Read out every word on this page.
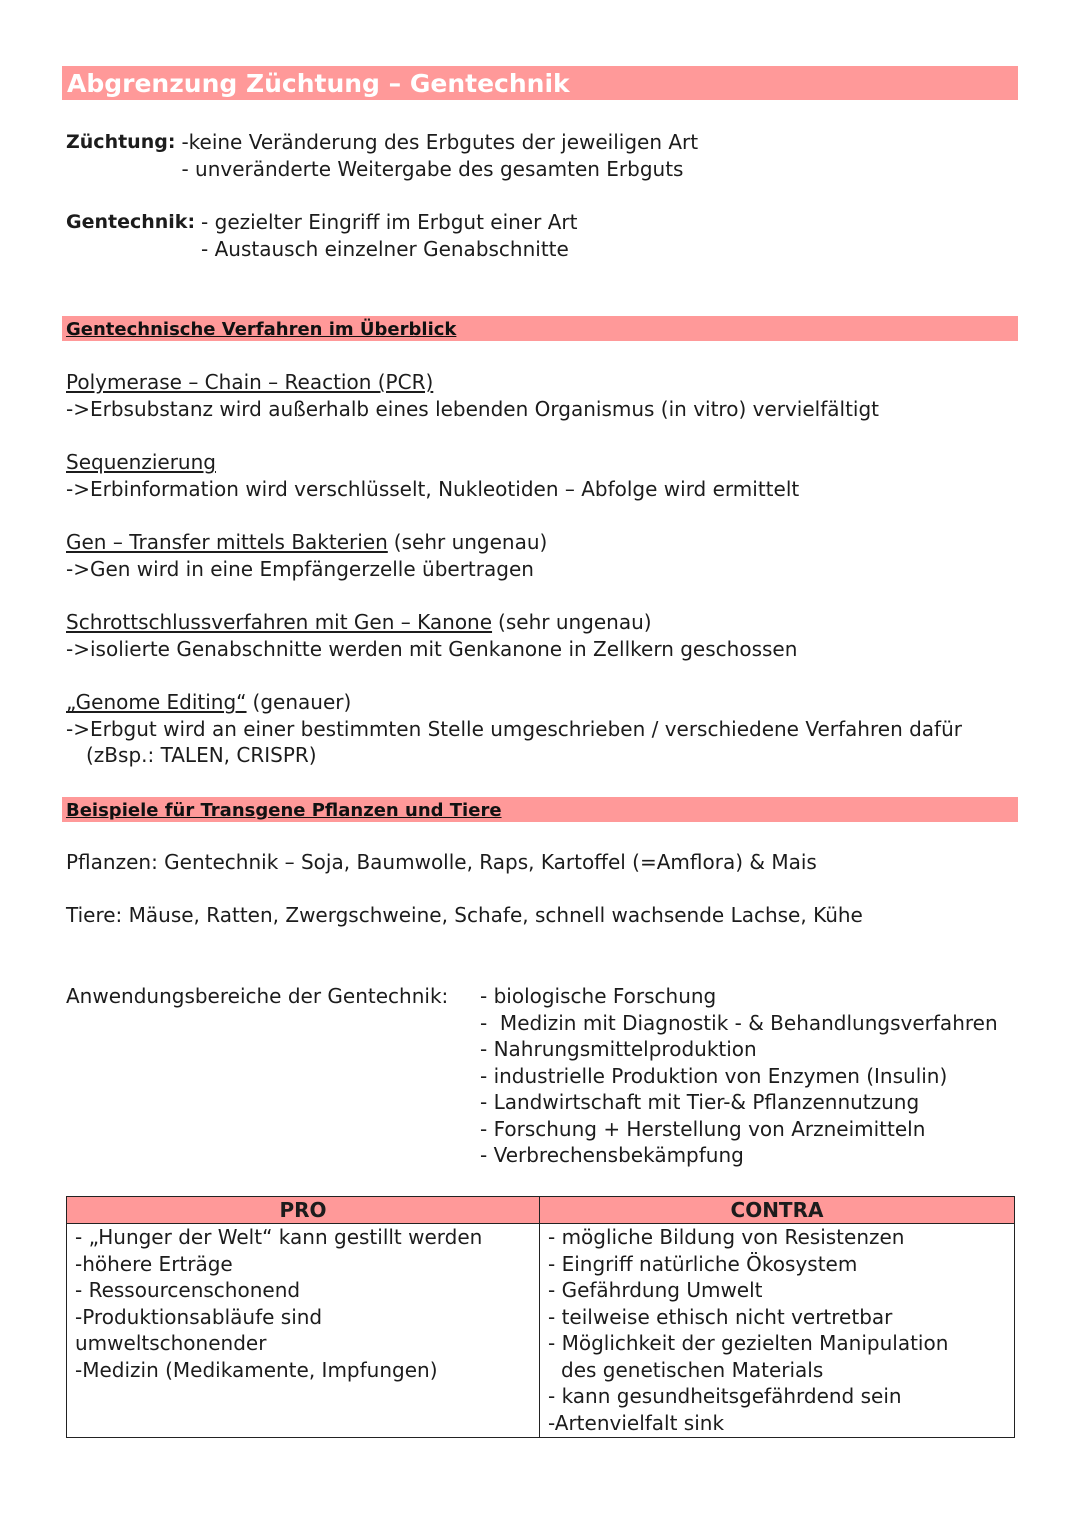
Abgrenzung Züchtung – Gentechnik
Züchtung: -keine Veränderung des Erbgutes der jeweiligen Art
- unveränderte Weitergabe des gesamten Erbguts
Gentechnik: - gezielter Eingriff im Erbgut einer Art
- Austausch einzelner Genabschnitte
Gentechnische Verfahren im Überblick
Polymerase – Chain – Reaction (PCR)
->Erbsubstanz wird außerhalb eines lebenden Organismus (in vitro) vervielfältigt
Sequenzierung
->Erbinformation wird verschlüsselt, Nukleotiden – Abfolge wird ermittelt
Gen – Transfer mittels Bakterien (sehr ungenau)
->Gen wird in eine Empfängerzelle übertragen
Schrottschlussverfahren mit Gen – Kanone (sehr ungenau)
->isolierte Genabschnitte werden mit Genkanone in Zellkern geschossen
„Genome Editing“ (genauer)
->Erbgut wird an einer bestimmten Stelle umgeschrieben / verschiedene Verfahren dafür
(zBsp.: TALEN, CRISPR)
Beispiele für Transgene Pflanzen und Tiere
Pflanzen: Gentechnik – Soja, Baumwolle, Raps, Kartoffel (=Amflora) & Mais
Tiere: Mäuse, Ratten, Zwergschweine, Schafe, schnell wachsende Lachse, Kühe
Anwendungsbereiche der Gentechnik:	- biologische Forschung
-  Medizin mit Diagnostik - & Behandlungsverfahren
- Nahrungsmittelproduktion
- industrielle Produktion von Enzymen (Insulin)
- Landwirtschaft mit Tier-& Pflanzennutzung
- Forschung + Herstellung von Arzneimitteln
- Verbrechensbekämpfung
PRO	CONTRA
- „Hunger der Welt“ kann gestillt werden
-höhere Erträge
- Ressourcenschonend
-Produktionsabläufe sind
umweltschonender
-Medizin (Medikamente, Impfungen)
- mögliche Bildung von Resistenzen
- Eingriff natürliche Ökosystem
- Gefährdung Umwelt
- teilweise ethisch nicht vertretbar
- Möglichkeit der gezielten Manipulation
des genetischen Materials
- kann gesundheitsgefährdend sein
-Artenvielfalt sink
